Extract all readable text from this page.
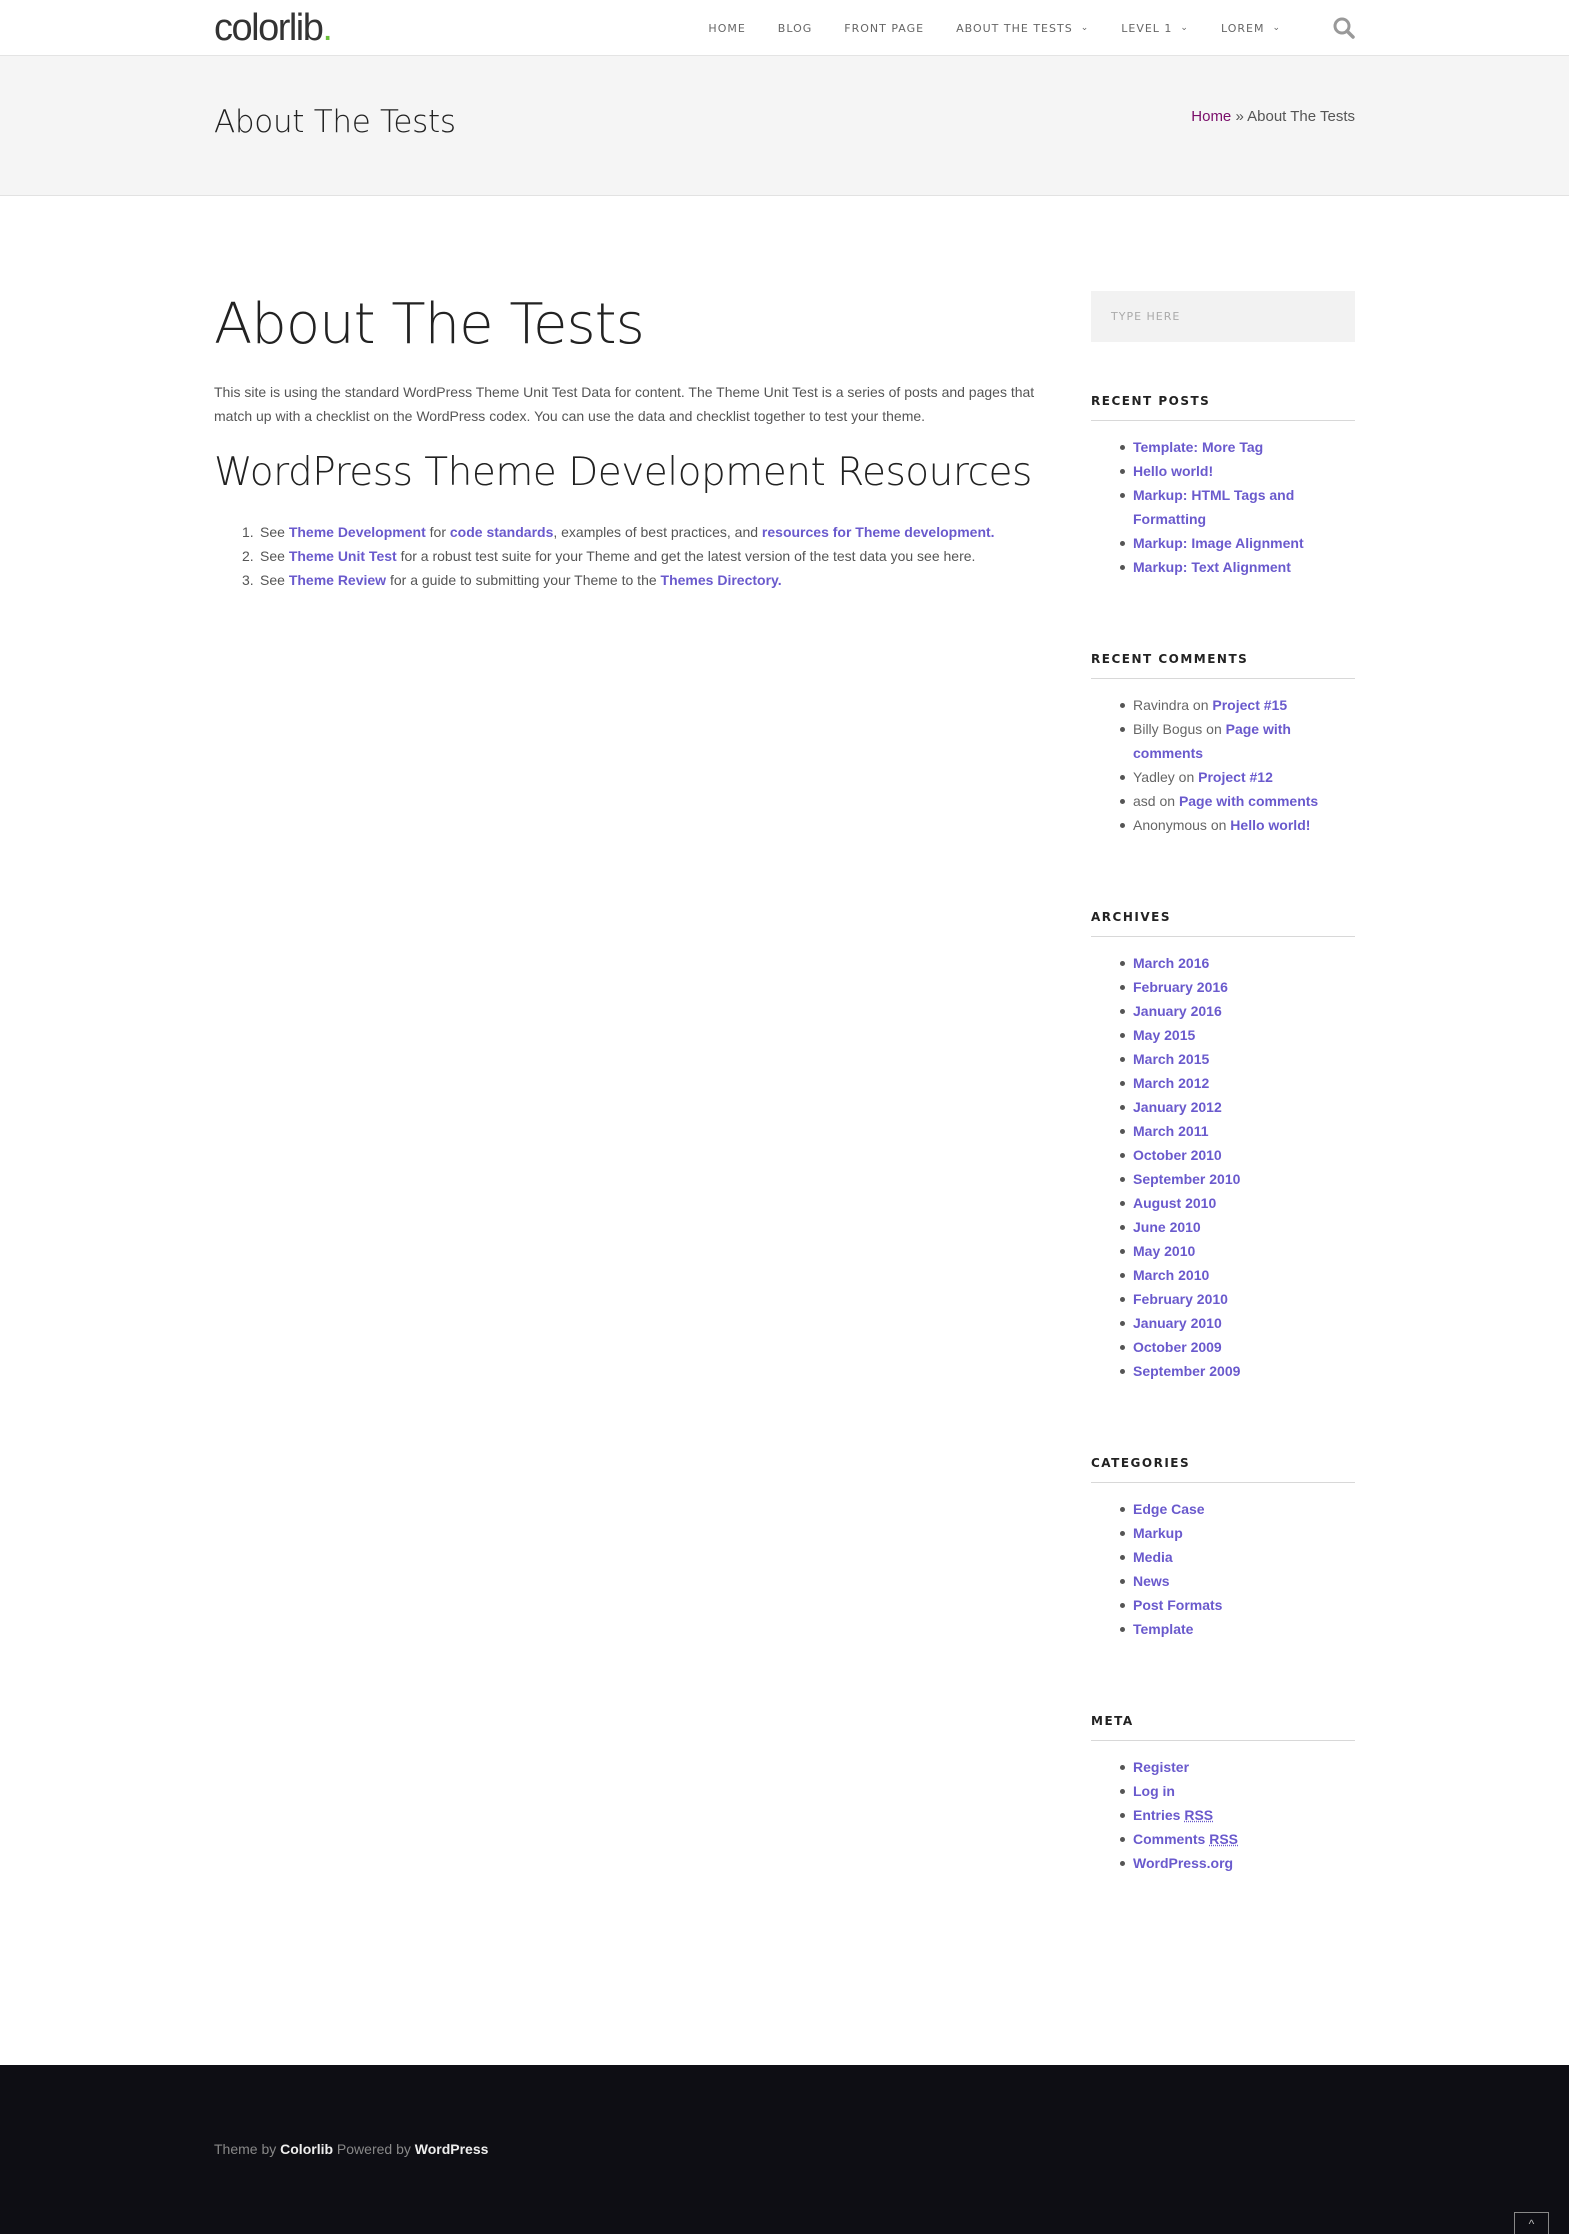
colorlib.	HOME	BLOG	FRONT PAGE	ABOUT THE TESTS ⌄	LEVEL 1 ⌄	LOREM ⌄
About The Tests	Home » About The Tests
About The Tests

This site is using the standard WordPress Theme Unit Test Data for content. The Theme Unit Test is a series of posts and pages that match up with a checklist on the WordPress codex. You can use the data and checklist together to test your theme.

WordPress Theme Development Resources
1. See Theme Development for code standards, examples of best practices, and resources for Theme development.
2. See Theme Unit Test for a robust test suite for your Theme and get the latest version of the test data you see here.
3. See Theme Review for a guide to submitting your Theme to the Themes Directory.
TYPE HERE
RECENT POSTS
Template: More Tag
Hello world!
Markup: HTML Tags and Formatting
Markup: Image Alignment
Markup: Text Alignment
RECENT COMMENTS
Ravindra on Project #15
Billy Bogus on Page with comments
Yadley on Project #12
asd on Page with comments
Anonymous on Hello world!
ARCHIVES
March 2016
February 2016
January 2016
May 2015
March 2015
March 2012
January 2012
March 2011
October 2010
September 2010
August 2010
June 2010
May 2010
March 2010
February 2010
January 2010
October 2009
September 2009
CATEGORIES
Edge Case
Markup
Media
News
Post Formats
Template
META
Register
Log in
Entries RSS
Comments RSS
WordPress.org
Theme by Colorlib Powered by WordPress
^
